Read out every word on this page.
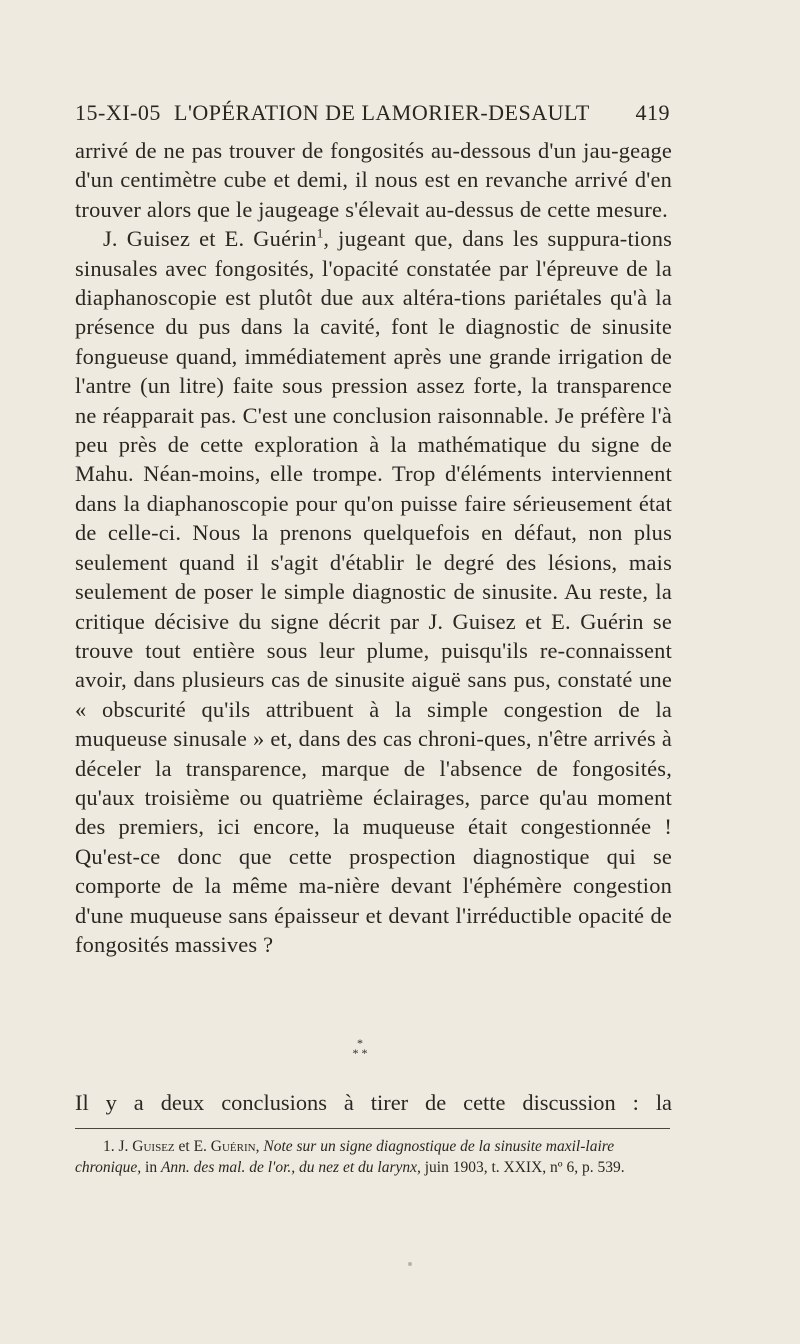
15-XI-05 L'OPÉRATION DE LAMORIER-DESAULT 419

arrivé de ne pas trouver de fongosités au-dessous d'un jau-geage d'un centimètre cube et demi, il nous est en revanche arrivé d'en trouver alors que le jaugeage s'élevait au-dessus de cette mesure.

J. Guisez et E. Guérin$^1$, jugeant que, dans les suppura-tions sinusales avec fongosités, l'opacité constatée par l'épreuve de la diaphanoscopie est plutôt due aux altéra-tions pariétales qu'à la présence du pus dans la cavité, font le diagnostic de sinusite fongueuse quand, immédiatement après une grande irrigation de l'antre (un litre) faite sous pression assez forte, la transparence ne réapparait pas. C'est une conclusion raisonnable. Je préfère l'à peu près de cette exploration à la mathématique du signe de Mahu. Néan-moins, elle trompe. Trop d'éléments interviennent dans la diaphanoscopie pour qu'on puisse faire sérieusement état de celle-ci. Nous la prenons quelquefois en défaut, non plus seulement quand il s'agit d'établir le degré des lésions, mais seulement de poser le simple diagnostic de sinusite. Au reste, la critique décisive du signe décrit par J. Guisez et E. Guérin se trouve tout entière sous leur plume, puisqu'ils re-connaissent avoir, dans plusieurs cas de sinusite aiguë sans pus, constaté une « obscurité qu'ils attribuent à la simple congestion de la muqueuse sinusale » et, dans des cas chroni-ques, n'être arrivés à déceler la transparence, marque de l'absence de fongosités, qu'aux troisième ou quatrième éclairages, parce qu'au moment des premiers, ici encore, la muqueuse était congestionnée ! Qu'est-ce donc que cette prospection diagnostique qui se comporte de la même ma-nière devant l'éphémère congestion d'une muqueuse sans épaisseur et devant l'irréductible opacité de fongosités massives ?

*
* *
Il y a deux conclusions à tirer de cette discussion : la
1. J. Guisez et E. Guérin, Note sur un signe diagnostique de la sinusite maxil-laire chronique, in Ann. des mal. de l'or., du nez et du larynx, juin 1903, t. XXIX, nº 6, p. 539.
